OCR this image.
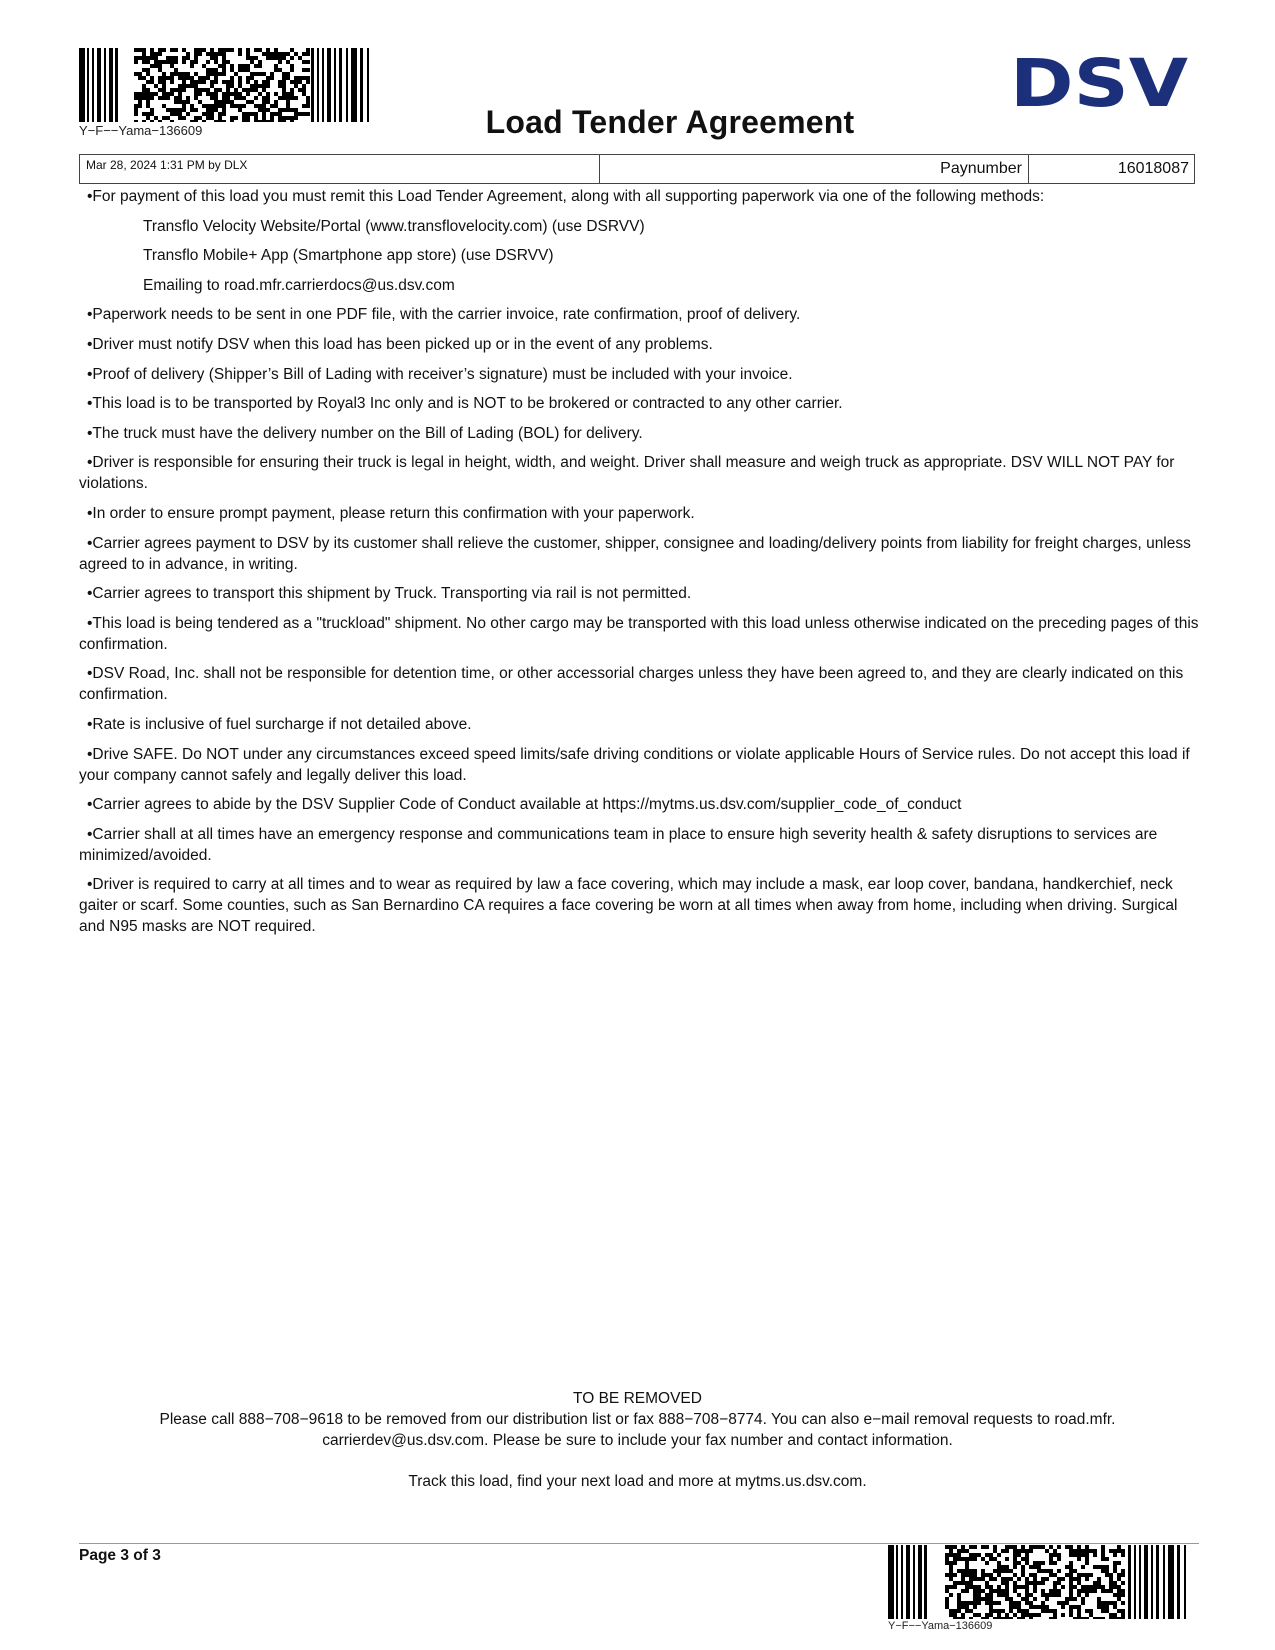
Y−F−−Yama−136609	Load Tender Agreement	DSV
Mar 28, 2024 1:31 PM by DLX	Paynumber	16018087

•For payment of this load you must remit this Load Tender Agreement, along with all supporting paperwork via one of the following methods:

Transflo Velocity Website/Portal (www.transflovelocity.com) (use DSRVV)

Transflo Mobile+ App (Smartphone app store) (use DSRVV)

Emailing to road.mfr.carrierdocs@us.dsv.com

•Paperwork needs to be sent in one PDF file, with the carrier invoice, rate confirmation, proof of delivery.

•Driver must notify DSV when this load has been picked up or in the event of any problems.

•Proof of delivery (Shipper’s Bill of Lading with receiver’s signature) must be included with your invoice.

•This load is to be transported by Royal3 Inc only and is NOT to be brokered or contracted to any other carrier.

•The truck must have the delivery number on the Bill of Lading (BOL) for delivery.

•Driver is responsible for ensuring their truck is legal in height, width, and weight. Driver shall measure and weigh truck as appropriate. DSV WILL NOT PAY for violations.

•In order to ensure prompt payment, please return this confirmation with your paperwork.

•Carrier agrees payment to DSV by its customer shall relieve the customer, shipper, consignee and loading/delivery points from liability for freight charges, unless agreed to in advance, in writing.

•Carrier agrees to transport this shipment by Truck. Transporting via rail is not permitted.

•This load is being tendered as a "truckload" shipment. No other cargo may be transported with this load unless otherwise indicated on the preceding pages of this confirmation.

•DSV Road, Inc. shall not be responsible for detention time, or other accessorial charges unless they have been agreed to, and they are clearly indicated on this confirmation.

•Rate is inclusive of fuel surcharge if not detailed above.

•Drive SAFE. Do NOT under any circumstances exceed speed limits/safe driving conditions or violate applicable Hours of Service rules. Do not accept this load if your company cannot safely and legally deliver this load.

•Carrier agrees to abide by the DSV Supplier Code of Conduct available at https://mytms.us.dsv.com/supplier_code_of_conduct

•Carrier shall at all times have an emergency response and communications team in place to ensure high severity health & safety disruptions to services are minimized/avoided.

•Driver is required to carry at all times and to wear as required by law a face covering, which may include a mask, ear loop cover, bandana, handkerchief, neck gaiter or scarf. Some counties, such as San Bernardino CA requires a face covering be worn at all times when away from home, including when driving. Surgical and N95 masks are NOT required.

TO BE REMOVED

Please call 888−708−9618 to be removed from our distribution list or fax 888−708−8774. You can also e−mail removal requests to road.mfr.

carrierdev@us.dsv.com. Please be sure to include your fax number and contact information.

Track this load, find your next load and more at mytms.us.dsv.com.

Page 3 of 3
Y−F−−Yama−136609
